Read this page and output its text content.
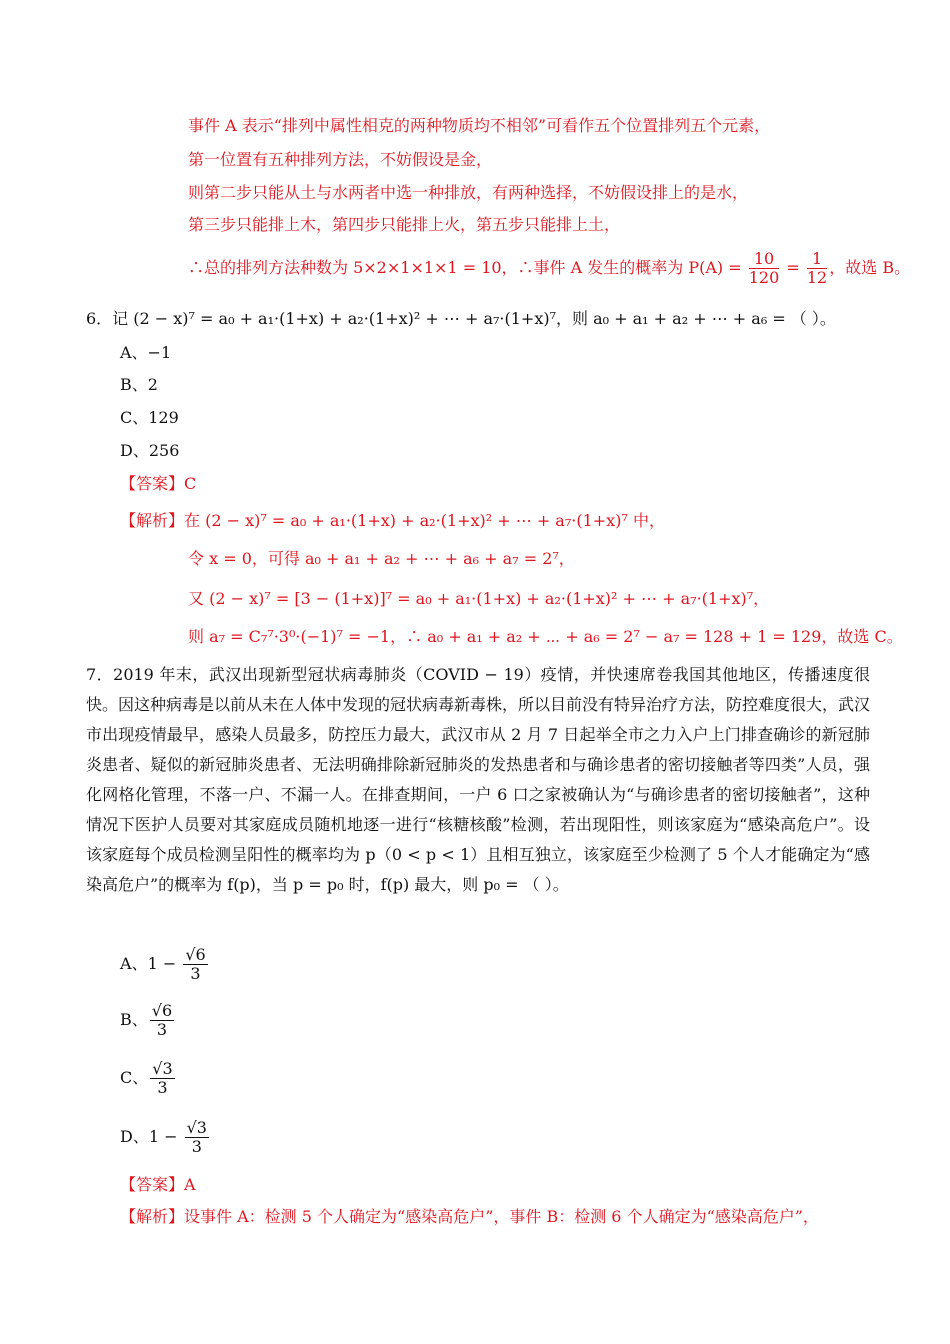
事件 A 表示“排列中属性相克的两种物质均不相邻”可看作五个位置排列五个元素，
第一位置有五种排列方法，不妨假设是金，
则第二步只能从土与水两者中选一种排放，有两种选择，不妨假设排上的是水，
第三步只能排上木，第四步只能排上火，第五步只能排上土，
∴总的排列方法种数为 5×2×1×1×1 = 10，∴事件 A 发生的概率为 $P(A) = \frac{10}{120} = \frac{1}{12}$ ，故选 B。
6．记 (2 − x)⁷ = a₀ + a₁·(1+x) + a₂·(1+x)² + ⋯ + a₇·(1+x)⁷，则 a₀ + a₁ + a₂ + ⋯ + a₆ = （ ）。
A、−1
B、2
C、129
D、256
【答案】C
【解析】在 (2 − x)⁷ = a₀ + a₁·(1+x) + a₂·(1+x)² + ⋯ + a₇·(1+x)⁷ 中，
令 x = 0，可得 a₀ + a₁ + a₂ + ⋯ + a₆ + a₇ = 2⁷，
又 (2 − x)⁷ = [3 − (1+x)]⁷ = a₀ + a₁·(1+x) + a₂·(1+x)² + ⋯ + a₇·(1+x)⁷，
则 a₇ = C₇⁷·3⁰·(−1)⁷ = −1，∴ a₀ + a₁ + a₂ + ⋯ + a₆ = 2⁷ − a₇ = 128 + 1 = 129，故选 C。
7．2019 年末，武汉出现新型冠状病毒肺炎（COVID − 19）疫情，并快速席卷我国其他地区，传播速度很快。因这种病毒是以前从未在人体中发现的冠状病毒新毒株，所以目前没有特异治疗方法，防控难度很大，武汉市出现疫情最早，感染人员最多，防控压力最大，武汉市从 2 月 7 日起举全市之力入户上门排查确诊的新冠肺炎患者、疑似的新冠肺炎患者、无法明确排除新冠肺炎的发热患者和与确诊患者的密切接触者等四类”人员，强化网格化管理，不落一户、不漏一人。在排查期间，一户 6 口之家被确认为“与确诊患者的密切接触者”，这种情况下医护人员要对其家庭成员随机地逐一进行“核糖核酸”检测，若出现阳性，则该家庭为“感染高危户”。设该家庭每个成员检测呈阳性的概率均为 p（0 < p < 1）且相互独立，该家庭至少检测了 5 个人才能确定为“感染高危户”的概率为 f(p)，当 p = p₀ 时，f(p) 最大，则 p₀ = （ ）。
A、$1 - \frac{√6}{3}$
B、 $\frac{√6}{3}$
C、 $\frac{√3}{3}$
D、$1 - \frac{√3}{3}$
【答案】A
【解析】设事件 A：检测 5 个人确定为“感染高危户”，事件 B：检测 6 个人确定为“感染高危户”，
